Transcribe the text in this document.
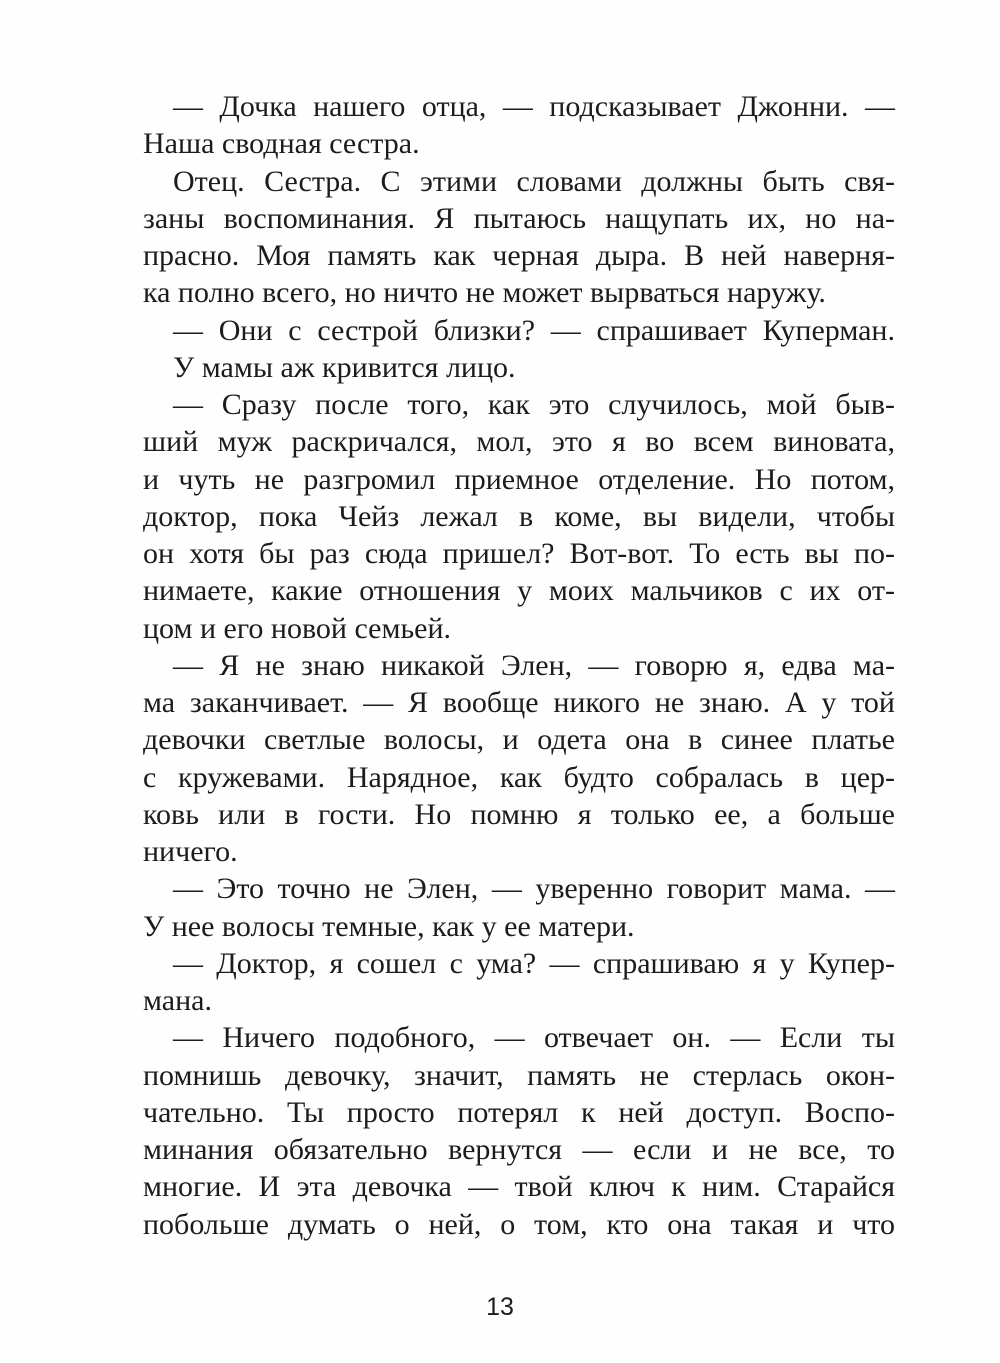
— Дочка нашего отца, — подсказывает Джонни. —
Наша сводная сестра.
Отец. Сестра. С этими словами должны быть свя-
заны воспоминания. Я пытаюсь нащупать их, но на-
прасно. Моя память как черная дыра. В ней наверня-
ка полно всего, но ничто не может вырваться наружу.
— Они с сестрой близки? — спрашивает Куперман.
У мамы аж кривится лицо.
— Сразу после того, как это случилось, мой быв-
ший муж раскричался, мол, это я во всем виновата,
и чуть не разгромил приемное отделение. Но потом,
доктор, пока Чейз лежал в коме, вы видели, чтобы
он хотя бы раз сюда пришел? Вот-вот. То есть вы по-
нимаете, какие отношения у моих мальчиков с их от-
цом и его новой семьей.
— Я не знаю никакой Элен, — говорю я, едва ма-
ма заканчивает. — Я вообще никого не знаю. А у той
девочки светлые волосы, и одета она в синее платье
с кружевами. Нарядное, как будто собралась в цер-
ковь или в гости. Но помню я только ее, а больше
ничего.
— Это точно не Элен, — уверенно говорит мама. —
У нее волосы темные, как у ее матери.
— Доктор, я сошел с ума? — спрашиваю я у Купер-
мана.
— Ничего подобного, — отвечает он. — Если ты
помнишь девочку, значит, память не стерлась окон-
чательно. Ты просто потерял к ней доступ. Воспо-
минания обязательно вернутся — если и не все, то
многие. И эта девочка — твой ключ к ним. Старайся
побольше думать о ней, о том, кто она такая и что
13
